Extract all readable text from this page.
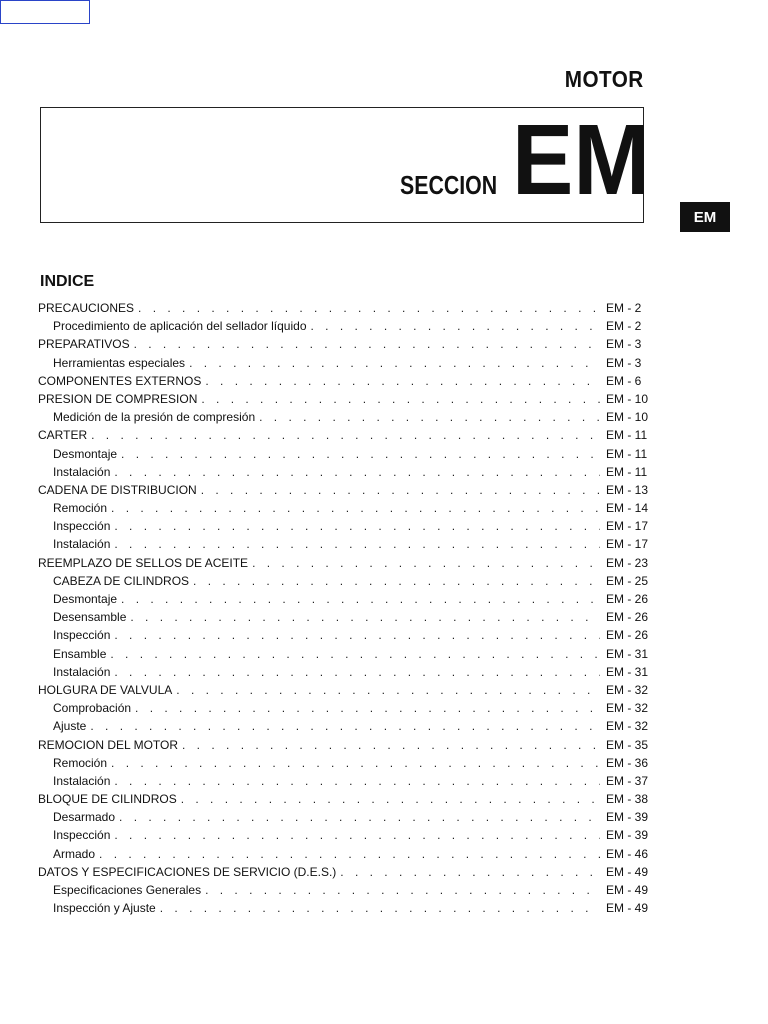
MOTOR
SECCION EM
EM
INDICE
PRECAUCIONES . . .	EM - 2
Procedimiento de aplicación del sellador líquido . . .	EM - 2
PREPARATIVOS . . .	EM - 3
Herramientas especiales . . .	EM - 3
COMPONENTES EXTERNOS . . .	EM - 6
PRESION DE COMPRESION . . .	EM - 10
Medición de la presión de compresión . . .	EM - 10
CARTER . . .	EM - 11
Desmontaje . . .	EM - 11
Instalación . . .	EM - 11
CADENA DE DISTRIBUCION . . .	EM - 13
Remoción . . .	EM - 14
Inspección . . .	EM - 17
Instalación . . .	EM - 17
REEMPLAZO DE SELLOS DE ACEITE . . .	EM - 23
CABEZA DE CILINDROS . . .	EM - 25
Desmontaje . . .	EM - 26
Desensamble . . .	EM - 26
Inspección . . .	EM - 26
Ensamble . . .	EM - 31
Instalación . . .	EM - 31
HOLGURA DE VALVULA . . .	EM - 32
Comprobación . . .	EM - 32
Ajuste . . .	EM - 32
REMOCION DEL MOTOR . . .	EM - 35
Remoción . . .	EM - 36
Instalación . . .	EM - 37
BLOQUE DE CILINDROS . . .	EM - 38
Desarmado . . .	EM - 39
Inspección . . .	EM - 39
Armado . . .	EM - 46
DATOS Y ESPECIFICACIONES DE SERVICIO (D.E.S.) . . .	EM - 49
Especificaciones Generales . . .	EM - 49
Inspección y Ajuste . . .	EM - 49
